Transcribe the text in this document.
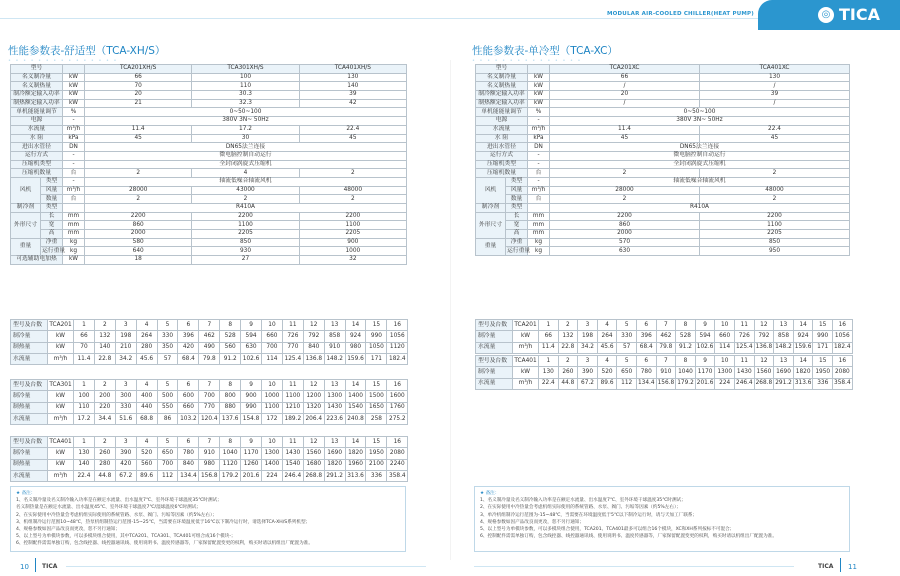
MODULAR AIR-COOLED CHILLER(HEAT PUMP)	◎ TICA
性能参数表-舒适型（TCA-XH/S）
• • • • • • • • • • • • • • •
性能参数表-单冷型（TCA-XC）
• • • • • • • • • • • • • • •
型号			TCA201XH/S	TCA301XH/S	TCA401XH/S
名义制冷量		kW	66	100	130
名义制热量		kW	70	110	140
制冷额定输入功率		kW	20	30.3	39
制热额定输入功率		kW	21	32.3	42
单机能能量调节		%	0~50~100		
电源		-	380V 3N~ 50Hz		
水流量		m³/h	11.4	17.2	22.4
水 阻		kPa	45	30	45
进出水管径		DN	DN65法兰连接		
运行方式		-	微电脑控制自动运行		
压缩机类型		-	全封闭涡旋式压缩机		
压缩机数量		台	2	4	2
风机	类型	-	轴流低噪音轴流风机		
	风量	m³/h	28000	43000	48000
	数量	台	2	2	2
制冷剂	类型		R410A		
外形尺寸	长	mm	2200	2200	2200
	宽	mm	860	1100	1100
	高	mm	2000	2205	2205
重量	净重	kg	580	850	900
	运行重量	kg	640	930	1000
可选辅助电加热		kW	18	27	32
型号			TCA201XC	TCA401XC
名义制冷量		kW	66	130
名义制热量		kW	/	/
制冷额定输入功率		kW	20	39
制热额定输入功率		kW	/	/
单机能能量调节		%	0~50~100	
电源		-	380V 3N~ 50Hz	
水流量		m³/h	11.4	22.4
水 阻		kPa	45	45
进出水管径		DN	DN65法兰连接	
运行方式		-	微电脑控制自动运行	
压缩机类型		-	全封闭涡旋式压缩机	
压缩机数量		台	2	2
风机	类型	-	轴流低噪音轴流风机	
	风量	m³/h	28000	48000
	数量	台	2	2
制冷剂	类型		R410A	
外形尺寸	长	mm	2200	2200
	宽	mm	860	1100
	高	mm	2000	2205
重量	净重	kg	570	850
	运行重量	kg	630	950
型号及台数	TCA201	1	2	3	4	5	6	7	8	9	10	11	12	13	14	15	16
制冷量	kW	66	132	198	264	330	396	462	528	594	660	726	792	858	924	990	1056
制热量	kW	70	140	210	280	350	420	490	560	630	700	770	840	910	980	1050	1120
水流量	m³/h	11.4	22.8	34.2	45.6	57	68.4	79.8	91.2	102.6	114	125.4	136.8	148.2	159.6	171	182.4
型号及台数	TCA301	1	2	3	4	5	6	7	8	9	10	11	12	13	14	15	16
制冷量	kW	100	200	300	400	500	600	700	800	900	1000	1100	1200	1300	1400	1500	1600
制热量	kW	110	220	330	440	550	660	770	880	990	1100	1210	1320	1430	1540	1650	1760
水流量	m³/h	17.2	34.4	51.6	68.8	86	103.2	120.4	137.6	154.8	172	189.2	206.4	223.6	240.8	258	275.2
型号及台数	TCA401	1	2	3	4	5	6	7	8	9	10	11	12	13	14	15	16
制冷量	kW	130	260	390	520	650	780	910	1040	1170	1300	1430	1560	1690	1820	1950	2080
制热量	kW	140	280	420	560	700	840	980	1120	1260	1400	1540	1680	1820	1960	2100	2240
水流量	m³/h	22.4	44.8	67.2	89.6	112	134.4	156.8	179.2	201.6	224	246.4	268.8	291.2	313.6	336	358.4
型号及台数	TCA201	1	2	3	4	5	6	7	8	9	10	11	12	13	14	15	16
制冷量	kW	66	132	198	264	330	396	462	528	594	660	726	792	858	924	990	1056
水流量	m³/h	11.4	22.8	34.2	45.6	57	68.4	79.8	91.2	102.6	114	125.4	136.8	148.2	159.6	171	182.4
型号及台数	TCA401	1	2	3	4	5	6	7	8	9	10	11	12	13	14	15	16
制冷量	kW	130	260	390	520	650	780	910	1040	1170	1300	1430	1560	1690	1820	1950	2080
水流量	m³/h	22.4	44.8	67.2	89.6	112	134.4	156.8	179.2	201.6	224	246.4	268.8	291.2	313.6	336	358.4
★ 备注：
1、名义制冷量及名义制冷输入功率是在额定水流量、出水温度7℃、室外环境干球温度35℃时测试；
名义制热量是在额定水流量、出水温度45℃、室外环境干球温度7℃/湿球温度6℃时测试；
2、在实际使用中冷热量会考虑机组实际使用的系统管路、水泵、阀门、污垢等因素（约5%左右）；
3、机组制冷运行范围10~48℃，热泵机组制热运行范围-15~25℃，当需要在环境温度低于16℃以下制冷运行时，请选择TCA-XH/S系列机型；
4、规格参数如因产品改良而更改，恕不另行通知；
5、以上型号为单模块参数，可以多模块组合使用，其中TCA201、TCA301、TCA401可组合成16个模块-；
6、控制配件需需单独订购，包含线控器、线控器通讯线、使用说明书、温度传感器等，厂家保留配置变更的权利，购买时请以机组出厂配置为准。
★ 备注：
1、名义制冷量及名义制冷输入功率是在额定水流量、出水温度7℃、室外环境干球温度35℃时测试；
2、在实际使用中冷热量会考虑机组实际使用的系统管路、水泵、阀门、污垢等因素（约5%左右）；
3、单冷机组制冷运行范围为-15~48℃，当需要在环境温度低于5℃以下制冷运行时，请与天加工厂联系；
4、规格参数如因产品改良而更改，恕不另行通知；
5、以上型号为单模块参数，可以多模块组合使用，TCA201、TCA401最多可以组合16个模块，XC和XH系列按标不可混合；
6、控制配件需需单独订购，包含线控器、线控器通讯线、使用说明书、温度传感器等，厂家保留配置变更的权利，购买时请以机组出厂配置为准。
10 TICA	TICA 11
